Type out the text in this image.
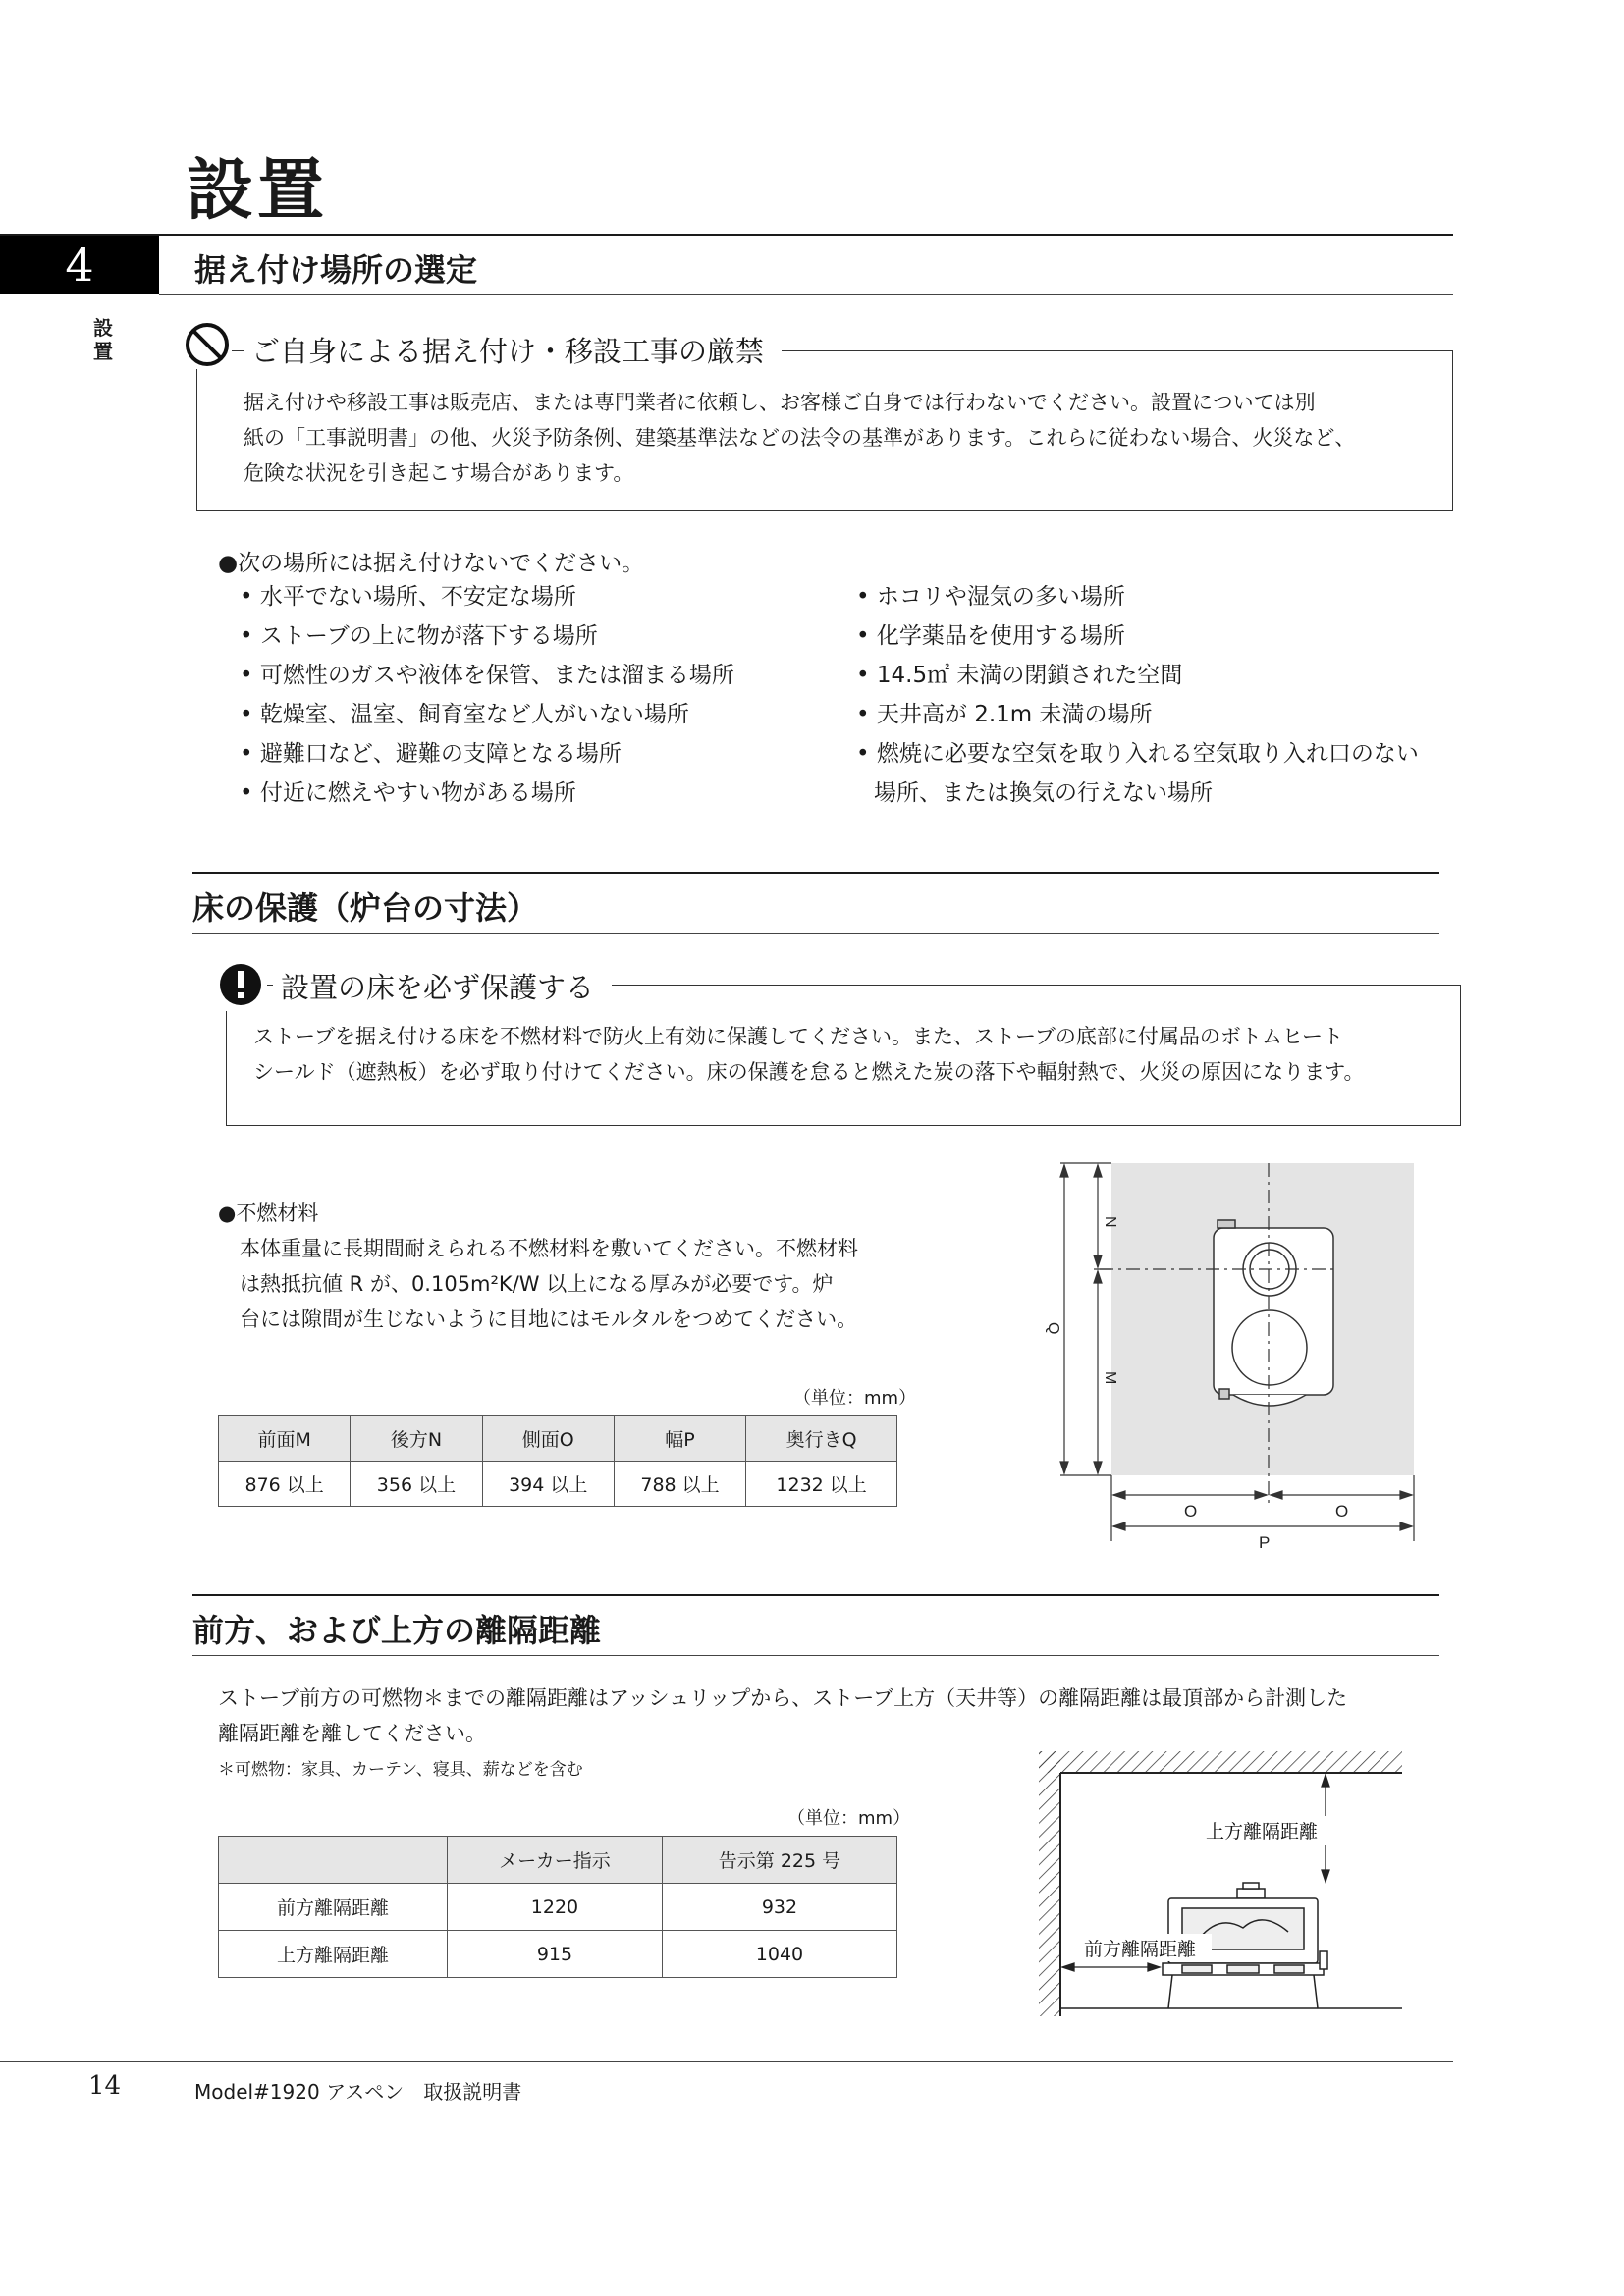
設置
4	据え付け場所の選定
設
置	ご自身による据え付け・移設工事の厳禁
据え付けや移設工事は販売店、または専門業者に依頼し、お客様ご自身では行わないでください。設置については別
紙の「工事説明書」の他、火災予防条例、建築基準法などの法令の基準があります。これらに従わない場合、火災など、
危険な状況を引き起こす場合があります。
●次の場所には据え付けないでください。
• 水平でない場所、不安定な場所
• ストーブの上に物が落下する場所
• 可燃性のガスや液体を保管、または溜まる場所
• 乾燥室、温室、飼育室など人がいない場所
• 避難口など、避難の支障となる場所
• 付近に燃えやすい物がある場所
• ホコリや湿気の多い場所
• 化学薬品を使用する場所
• 14.5㎡ 未満の閉鎖された空間
• 天井高が 2.1m 未満の場所
• 燃焼に必要な空気を取り入れる空気取り入れ口のない
場所、または換気の行えない場所
床の保護（炉台の寸法）
設置の床を必ず保護する
ストーブを据え付ける床を不燃材料で防火上有効に保護してください。また、ストーブの底部に付属品のボトムヒート
シールド（遮熱板）を必ず取り付けてください。床の保護を怠ると燃えた炭の落下や輻射熱で、火災の原因になります。
●不燃材料
本体重量に長期間耐えられる不燃材料を敷いてください。不燃材料
は熱抵抗値 R が、0.105m²K/W 以上になる厚みが必要です。炉
台には隙間が生じないように目地にはモルタルをつめてください。
（単位：mm）
前面M	後方N	側面O	幅P	奥行きQ
876 以上	356 以上	394 以上	788 以上	1232 以上
N
M
Q
O	O
P
前方、および上方の離隔距離
ストーブ前方の可燃物＊までの離隔距離はアッシュリップから、ストーブ上方（天井等）の離隔距離は最頂部から計測した
離隔距離を離してください。
＊可燃物：家具、カーテン、寝具、薪などを含む
（単位：mm）
	メーカー指示	告示第 225 号
前方離隔距離	1220	932
上方離隔距離	915	1040
上方離隔距離
前方離隔距離
14	Model#1920 アスペン　取扱説明書
